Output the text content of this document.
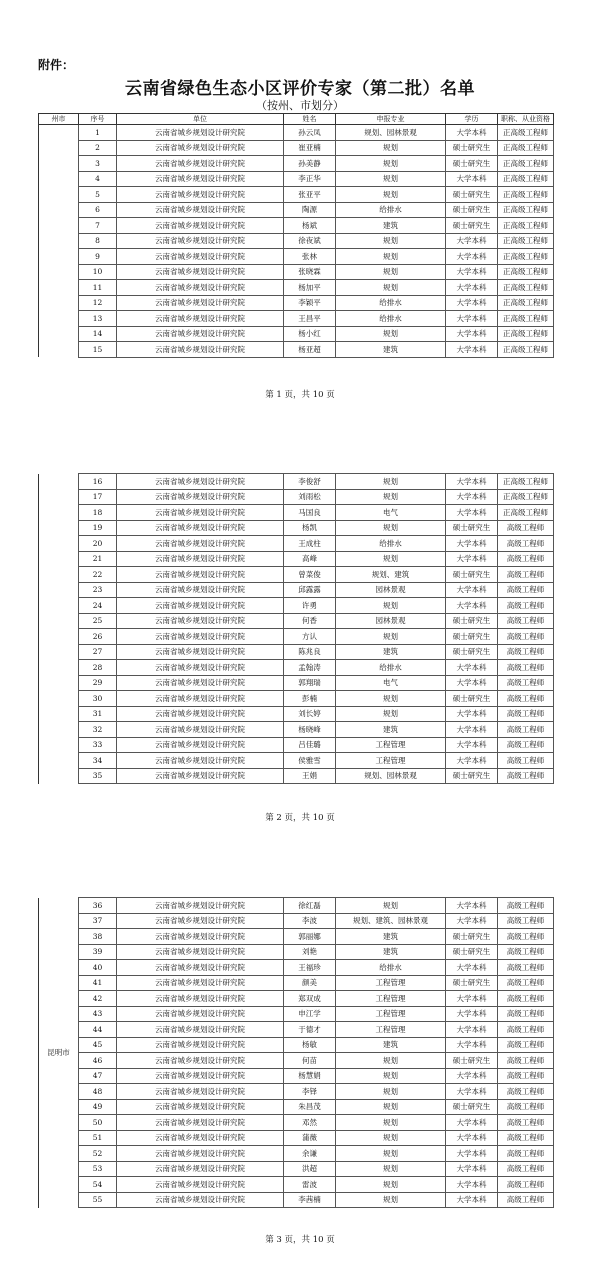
附件：
云南省绿色生态小区评价专家（第二批）名单
（按州、市划分）
州市	序号	单位	姓名	申报专业	学历	职称、从业资格
	1	云南省城乡规划设计研究院	孙云凤	规划、园林景观	大学本科	正高级工程师
	2	云南省城乡规划设计研究院	崔亚楠	规划	硕士研究生	正高级工程师
	3	云南省城乡规划设计研究院	孙美静	规划	硕士研究生	正高级工程师
	4	云南省城乡规划设计研究院	李正华	规划	大学本科	正高级工程师
	5	云南省城乡规划设计研究院	张亚平	规划	硕士研究生	正高级工程师
	6	云南省城乡规划设计研究院	陶源	给排水	硕士研究生	正高级工程师
	7	云南省城乡规划设计研究院	杨斌	建筑	硕士研究生	正高级工程师
	8	云南省城乡规划设计研究院	徐夜斌	规划	大学本科	正高级工程师
	9	云南省城乡规划设计研究院	张林	规划	大学本科	正高级工程师
	10	云南省城乡规划设计研究院	张晓霖	规划	大学本科	正高级工程师
	11	云南省城乡规划设计研究院	杨加平	规划	大学本科	正高级工程师
	12	云南省城乡规划设计研究院	李颖平	给排水	大学本科	正高级工程师
	13	云南省城乡规划设计研究院	王昌平	给排水	大学本科	正高级工程师
	14	云南省城乡规划设计研究院	杨小红	规划	大学本科	正高级工程师
	15	云南省城乡规划设计研究院	杨亚超	建筑	大学本科	正高级工程师
第 1 页，共 10 页
	16	云南省城乡规划设计研究院	李俊舒	规划	大学本科	正高级工程师
	17	云南省城乡规划设计研究院	刘雨松	规划	大学本科	正高级工程师
	18	云南省城乡规划设计研究院	马国良	电气	大学本科	正高级工程师
	19	云南省城乡规划设计研究院	杨凯	规划	硕士研究生	高级工程师
	20	云南省城乡规划设计研究院	王成柱	给排水	大学本科	高级工程师
	21	云南省城乡规划设计研究院	高峰	规划	大学本科	高级工程师
	22	云南省城乡规划设计研究院	曾菜俊	规划、建筑	硕士研究生	高级工程师
	23	云南省城乡规划设计研究院	邱露露	园林景观	大学本科	高级工程师
	24	云南省城乡规划设计研究院	许勇	规划	大学本科	高级工程师
	25	云南省城乡规划设计研究院	何香	园林景观	硕士研究生	高级工程师
	26	云南省城乡规划设计研究院	方认	规划	硕士研究生	高级工程师
	27	云南省城乡规划设计研究院	陈兆良	建筑	硕士研究生	高级工程师
	28	云南省城乡规划设计研究院	孟翰涛	给排水	大学本科	高级工程师
	29	云南省城乡规划设计研究院	郭翔瑞	电气	大学本科	高级工程师
	30	云南省城乡规划设计研究院	彭楠	规划	硕士研究生	高级工程师
	31	云南省城乡规划设计研究院	刘长婷	规划	大学本科	高级工程师
	32	云南省城乡规划设计研究院	杨晓峰	建筑	大学本科	高级工程师
	33	云南省城乡规划设计研究院	吕佳璐	工程管理	大学本科	高级工程师
	34	云南省城乡规划设计研究院	侯雅雪	工程管理	大学本科	高级工程师
	35	云南省城乡规划设计研究院	王娟	规划、园林景观	硕士研究生	高级工程师
第 2 页，共 10 页
昆明市	36	云南省城乡规划设计研究院	徐红磊	规划	大学本科	高级工程师
	37	云南省城乡规划设计研究院	李波	规划、建筑、园林景观	大学本科	高级工程师
	38	云南省城乡规划设计研究院	郭丽娜	建筑	硕士研究生	高级工程师
	39	云南省城乡规划设计研究院	刘艳	建筑	硕士研究生	高级工程师
	40	云南省城乡规划设计研究院	王福珍	给排水	大学本科	高级工程师
	41	云南省城乡规划设计研究院	颜美	工程管理	硕士研究生	高级工程师
	42	云南省城乡规划设计研究院	郑双成	工程管理	大学本科	高级工程师
	43	云南省城乡规划设计研究院	申江学	工程管理	大学本科	高级工程师
	44	云南省城乡规划设计研究院	于德才	工程管理	大学本科	高级工程师
	45	云南省城乡规划设计研究院	杨敏	建筑	大学本科	高级工程师
	46	云南省城乡规划设计研究院	何苗	规划	硕士研究生	高级工程师
	47	云南省城乡规划设计研究院	杨慧娟	规划	大学本科	高级工程师
	48	云南省城乡规划设计研究院	李铎	规划	大学本科	高级工程师
	49	云南省城乡规划设计研究院	朱昌茂	规划	硕士研究生	高级工程师
	50	云南省城乡规划设计研究院	邓然	规划	大学本科	高级工程师
	51	云南省城乡规划设计研究院	蒲薇	规划	大学本科	高级工程师
	52	云南省城乡规划设计研究院	余谦	规划	大学本科	高级工程师
	53	云南省城乡规划设计研究院	洪超	规划	大学本科	高级工程师
	54	云南省城乡规划设计研究院	雷波	规划	大学本科	高级工程师
	55	云南省城乡规划设计研究院	李茜楠	规划	大学本科	高级工程师
第 3 页，共 10 页
